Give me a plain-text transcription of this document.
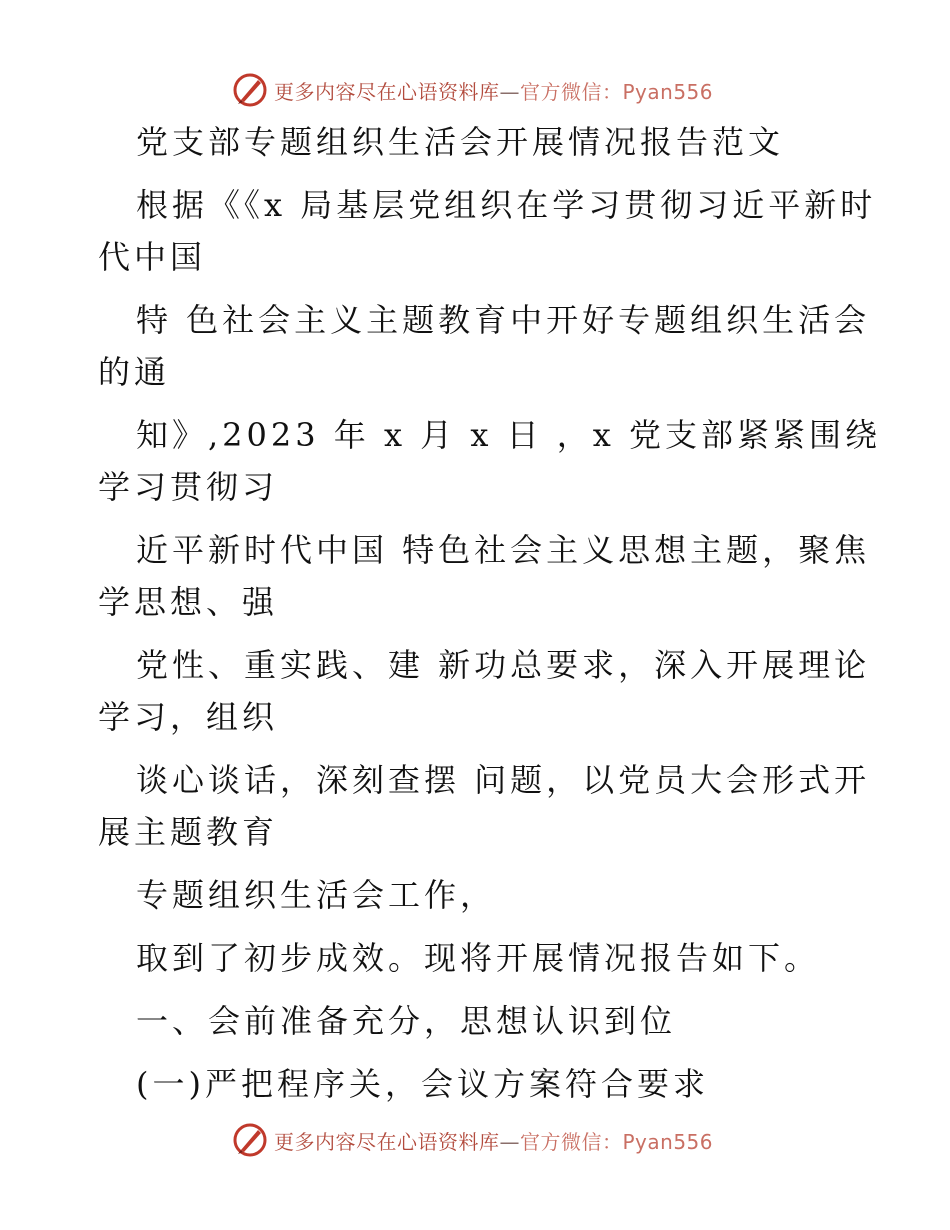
更多内容尽在心语资料库—官方微信：Pyan556

党支部专题组织生活会开展情况报告范文

根据《《x 局基层党组织在学习贯彻习近平新时

代中国

特 色社会主义主题教育中开好专题组织生活会

的通

知》,2023 年 x 月 x 日 ，x 党支部紧紧围绕

学习贯彻习

近平新时代中国 特色社会主义思想主题，聚焦

学思想、强

党性、重实践、建 新功总要求，深入开展理论

学习，组织

谈心谈话，深刻查摆 问题，以党员大会形式开

展主题教育

专题组织生活会工作，

取到了初步成效。现将开展情况报告如下。

一、会前准备充分，思想认识到位

(一)严把程序关，会议方案符合要求

更多内容尽在心语资料库—官方微信：Pyan556
